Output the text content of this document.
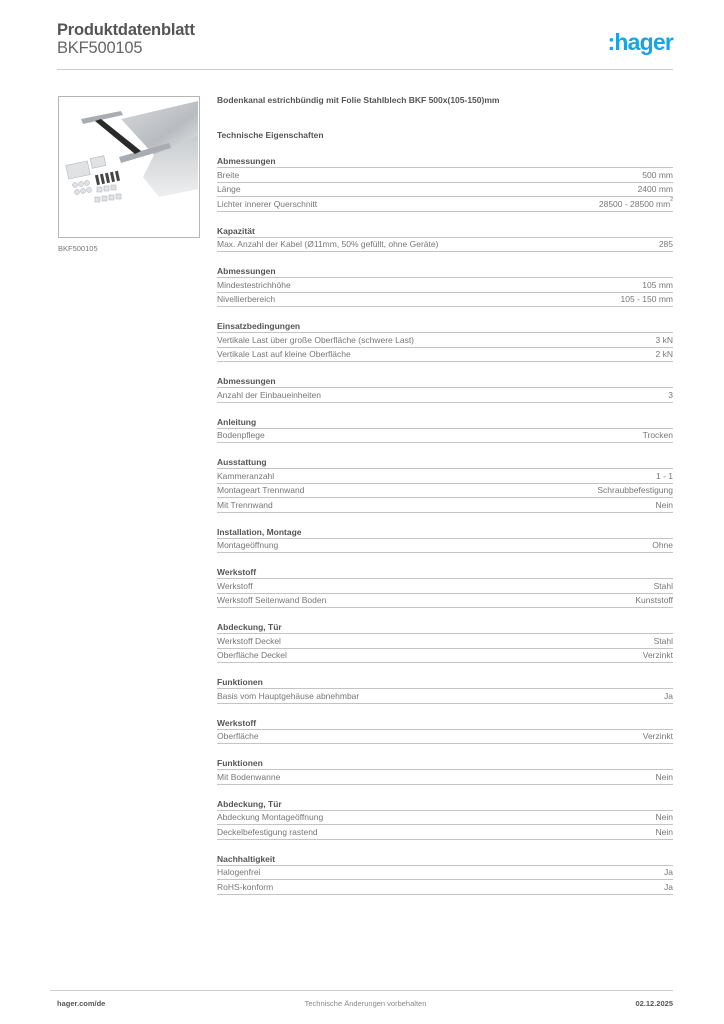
Produktdatenblatt
BKF500105	:hager
BKF500105
Bodenkanal estrichbündig mit Folie Stahlblech BKF 500x(105-150)mm
Technische Eigenschaften
Abmessungen
Breite	500 mm
Länge	2400 mm
Lichter innerer Querschnitt	28500 - 28500 $mm^2$
Kapazität
Max. Anzahl der Kabel (Ø11mm, 50% gefüllt, ohne Geräte)	285
Abmessungen
Mindestestrichhöhe	105 mm
Nivellierbereich	105 - 150 mm
Einsatzbedingungen
Vertikale Last über große Oberfläche (schwere Last)	3 kN
Vertikale Last auf kleine Oberfläche	2 kN
Abmessungen
Anzahl der Einbaueinheiten	3
Anleitung
Bodenpflege	Trocken
Ausstattung
Kammeranzahl	1 - 1
Montageart Trennwand	Schraubbefestigung
Mit Trennwand	Nein
Installation, Montage
Montageöffnung	Ohne
Werkstoff
Werkstoff	Stahl
Werkstoff Seitenwand Boden	Kunststoff
Abdeckung, Tür
Werkstoff Deckel	Stahl
Oberfläche Deckel	Verzinkt
Funktionen
Basis vom Hauptgehäuse abnehmbar	Ja
Werkstoff
Oberfläche	Verzinkt
Funktionen
Mit Bodenwanne	Nein
Abdeckung, Tür
Abdeckung Montageöffnung	Nein
Deckelbefestigung rastend	Nein
Nachhaltigkeit
Halogenfrei	Ja
RoHS-konform	Ja
hager.com/de	Technische Änderungen vorbehalten	02.12.2025
